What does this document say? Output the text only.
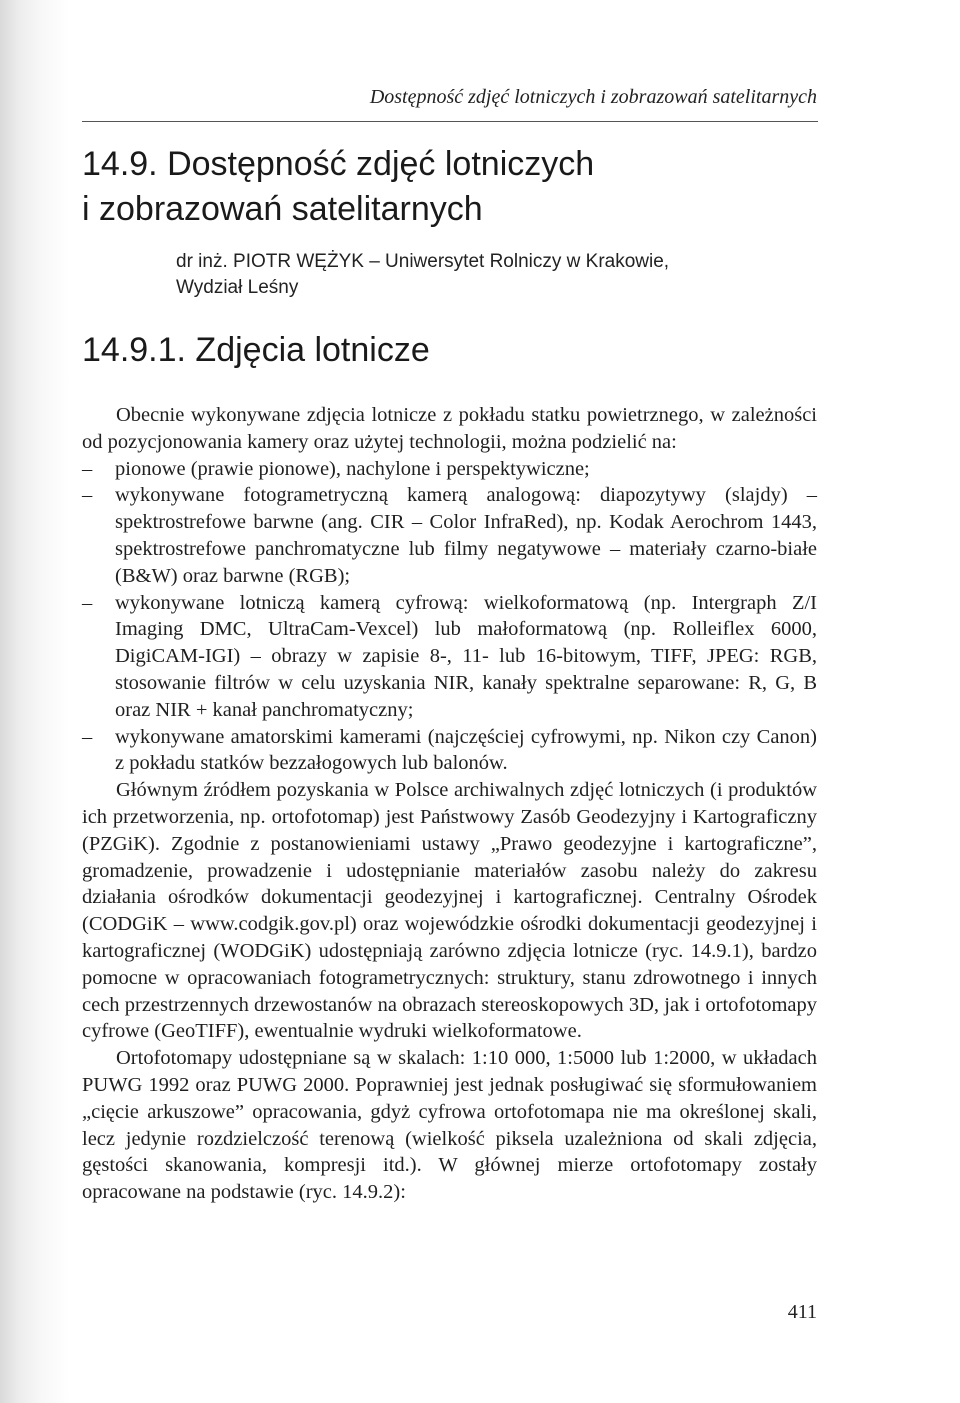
Dostępność zdjęć lotniczych i zobrazowań satelitarnych
14.9. Dostępność zdjęć lotniczych
i zobrazowań satelitarnych
dr inż. PIOTR WĘŻYK – Uniwersytet Rolniczy w Krakowie,
Wydział Leśny
14.9.1. Zdjęcia lotnicze

Obecnie wykonywane zdjęcia lotnicze z pokładu statku powietrznego, w zależności od pozycjonowania kamery oraz użytej technologii, można podzielić na:

– pionowe (prawie pionowe), nachylone i perspektywiczne;
– wykonywane fotogrametryczną kamerą analogową: diapozytywy (slajdy) – spektrostrefowe barwne (ang. CIR – Color InfraRed), np. Kodak Aerochrom 1443, spektrostrefowe panchromatyczne lub filmy negatywowe – materiały czarno-białe (B&W) oraz barwne (RGB);
– wykonywane lotniczą kamerą cyfrową: wielkoformatową (np. Intergraph Z/I Imaging DMC, UltraCam-Vexcel) lub małoformatową (np. Rolleiflex 6000, DigiCAM-IGI) – obrazy w zapisie 8-, 11- lub 16-bitowym, TIFF, JPEG: RGB, stosowanie filtrów w celu uzyskania NIR, kanały spektralne separowane: R, G, B oraz NIR + kanał panchromatyczny;
– wykonywane amatorskimi kamerami (najczęściej cyfrowymi, np. Nikon czy Canon) z pokładu statków bezzałogowych lub balonów.

Głównym źródłem pozyskania w Polsce archiwalnych zdjęć lotniczych (i produktów ich przetworzenia, np. ortofotomap) jest Państwowy Zasób Geodezyjny i Kartograficzny (PZGiK). Zgodnie z postanowieniami ustawy „Prawo geodezyjne i kartograficzne”, gromadzenie, prowadzenie i udostępnianie materiałów zasobu należy do zakresu działania ośrodków dokumentacji geodezyjnej i kartograficznej. Centralny Ośrodek (CODGiK – www.codgik.gov.pl) oraz wojewódzkie ośrodki dokumentacji geodezyjnej i kartograficznej (WODGiK) udostępniają zarówno zdjęcia lotnicze (ryc. 14.9.1), bardzo pomocne w opracowaniach fotogrametrycznych: struktury, stanu zdrowotnego i innych cech przestrzennych drzewostanów na obrazach stereoskopowych 3D, jak i ortofotomapy cyfrowe (GeoTIFF), ewentualnie wydruki wielkoformatowe.

Ortofotomapy udostępniane są w skalach: 1:10 000, 1:5000 lub 1:2000, w układach PUWG 1992 oraz PUWG 2000. Poprawniej jest jednak posługiwać się sformułowaniem „cięcie arkuszowe” opracowania, gdyż cyfrowa ortofotomapa nie ma określonej skali, lecz jedynie rozdzielczość terenową (wielkość piksela uzależniona od skali zdjęcia, gęstości skanowania, kompresji itd.). W głównej mierze ortofotomapy zostały opracowane na podstawie (ryc. 14.9.2):

411
